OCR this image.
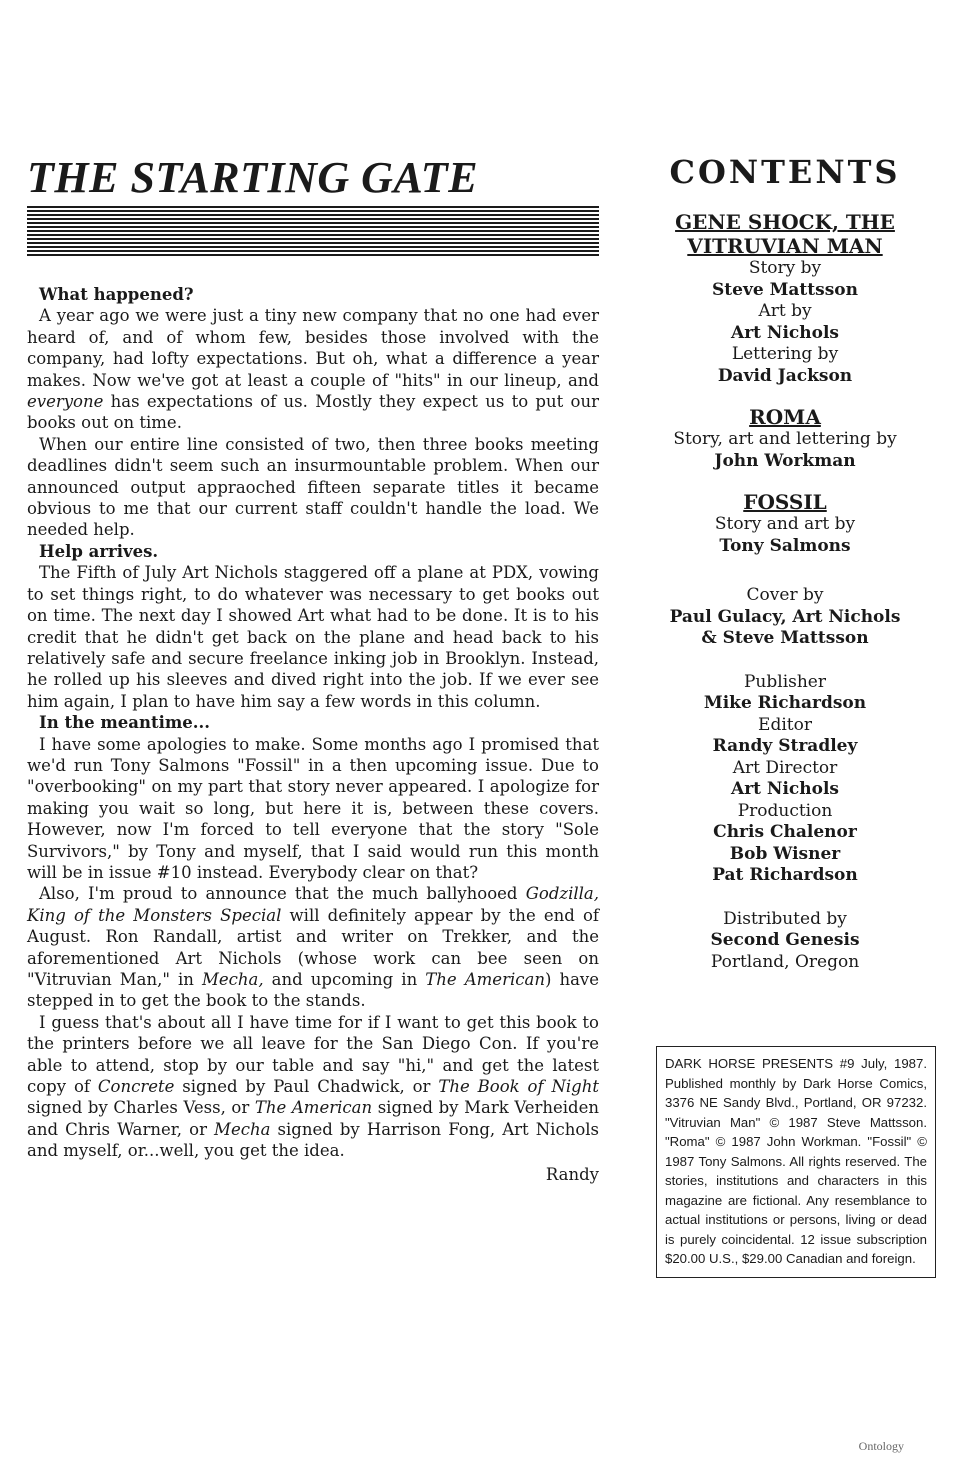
THE STARTING GATE

What happened?

A year ago we were just a tiny new company that no one had ever heard of, and of whom few, besides those involved with the company, had lofty expectations. But oh, what a difference a year makes. Now we've got at least a couple of "hits" in our lineup, and everyone has expectations of us. Mostly they expect us to put our books out on time.

When our entire line consisted of two, then three books meeting deadlines didn't seem such an insurmountable problem. When our announced output appraoched fifteen separate titles it became obvious to me that our current staff couldn't handle the load. We needed help.

Help arrives.

The Fifth of July Art Nichols staggered off a plane at PDX, vowing to set things right, to do whatever was necessary to get books out on time. The next day I showed Art what had to be done. It is to his credit that he didn't get back on the plane and head back to his relatively safe and secure freelance inking job in Brooklyn. Instead, he rolled up his sleeves and dived right into the job. If we ever see him again, I plan to have him say a few words in this column.

In the meantime...

I have some apologies to make. Some months ago I promised that we'd run Tony Salmons "Fossil" in a then upcoming issue. Due to "overbooking" on my part that story never appeared. I apologize for making you wait so long, but here it is, between these covers. However, now I'm forced to tell everyone that the story "Sole Survivors," by Tony and myself, that I said would run this month will be in issue #10 instead. Everybody clear on that?

Also, I'm proud to announce that the much ballyhooed Godzilla, King of the Monsters Special will definitely appear by the end of August. Ron Randall, artist and writer on Trekker, and the aforementioned Art Nichols (whose work can bee seen on "Vitruvian Man," in Mecha, and upcoming in The American) have stepped in to get the book to the stands.

I guess that's about all I have time for if I want to get this book to the printers before we all leave for the San Diego Con. If you're able to attend, stop by our table and say "hi," and get the latest copy of Concrete signed by Paul Chadwick, or The Book of Night signed by Charles Vess, or The American signed by Mark Verheiden and Chris Warner, or Mecha signed by Harrison Fong, Art Nichols and myself, or...well, you get the idea.

Randy
CONTENTS
GENE SHOCK, THE VITRUVIAN MAN
Story by
Steve Mattsson
Art by
Art Nichols
Lettering by
David Jackson
ROMA
Story, art and lettering by
John Workman
FOSSIL
Story and art by
Tony Salmons
Cover by
Paul Gulacy, Art Nichols & Steve Mattsson
Publisher
Mike Richardson
Editor
Randy Stradley
Art Director
Art Nichols
Production
Chris Chalenor
Bob Wisner
Pat Richardson
Distributed by
Second Genesis
Portland, Oregon
DARK HORSE PRESENTS #9 July, 1987. Published monthly by Dark Horse Comics, 3376 NE Sandy Blvd., Portland, OR 97232. "Vitruvian Man" © 1987 Steve Mattsson. "Roma" © 1987 John Workman. "Fossil" © 1987 Tony Salmons. All rights reserved. The stories, institutions and characters in this magazine are fictional. Any resemblance to actual institutions or persons, living or dead is purely coincidental. 12 issue subscription $20.00 U.S., $29.00 Canadian and foreign.
Ontology
